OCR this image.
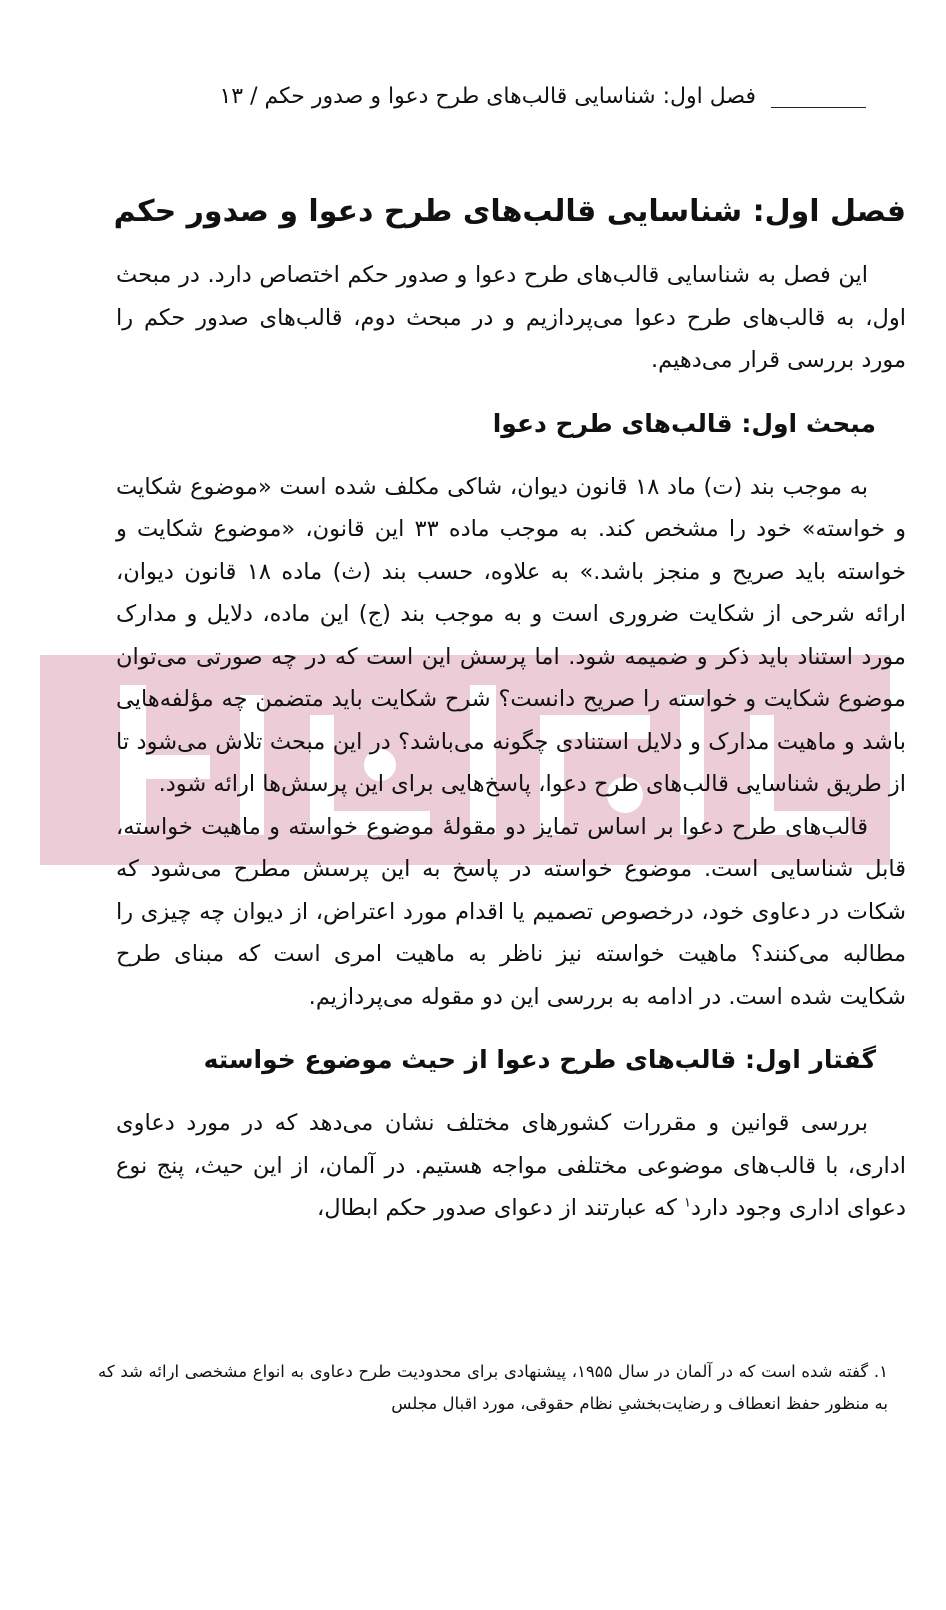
فصل اول: شناسایی قالب‌های طرح دعوا و صدور حکم / ۱۳
فصل اول: شناسایی قالب‌های طرح دعوا و صدور حکم

این فصل به شناسایی قالب‌های طرح دعوا و صدور حکم اختصاص دارد. در مبحث اول، به قالب‌های طرح دعوا می‌پردازیم و در مبحث دوم، قالب‌های صدور حکم را مورد بررسی قرار می‌دهیم.

مبحث اول: قالب‌های طرح دعوا

به موجب بند (ت) ماد ۱۸ قانون دیوان، شاکی مکلف شده است «موضوع شکایت و خواسته» خود را مشخص کند. به موجب ماده ۳۳ این قانون، «موضوع شکایت و خواسته باید صریح و منجز باشد.» به علاوه، حسب بند (ث) ماده ۱۸ قانون دیوان، ارائه شرحی از شکایت ضروری است و به موجب بند (ج) این ماده، دلایل و مدارک مورد استناد باید ذکر و ضمیمه شود. اما پرسش این است که در چه صورتی می‌توان موضوع شکایت و خواسته را صریح دانست؟ شرح شکایت باید متضمن چه مؤلفه‌هایی باشد و ماهیت مدارک و دلایل استنادی چگونه می‌باشد؟ در این مبحث تلاش می‌شود تا از طریق شناسایی قالب‌های طرح دعوا، پاسخ‌هایی برای این پرسش‌ها ارائه شود.

قالب‌های طرح دعوا بر اساس تمایز دو مقولهٔ موضوع خواسته و ماهیت خواسته، قابل شناسایی است. موضوع خواسته در پاسخ به این پرسش مطرح می‌شود که شکات در دعاوی خود، درخصوص تصمیم یا اقدام مورد اعتراض، از دیوان چه چیزی را مطالبه می‌کنند؟ ماهیت خواسته نیز ناظر به ماهیت امری است که مبنای طرح شکایت شده است. در ادامه به بررسی این دو مقوله می‌پردازیم.

گفتار اول: قالب‌های طرح دعوا از حیث موضوع خواسته

بررسی قوانین و مقررات کشورهای مختلف نشان می‌دهد که در مورد دعاوی اداری، با قالب‌های موضوعی مختلفی مواجه هستیم. در آلمان، از این حیث، پنج نوع دعوای اداری وجود دارد$^۱$ که عبارتند از دعوای صدور حکم ابطال،

۱. گفته شده است که در آلمان در سال ۱۹۵۵، پیشنهادی برای محدودیت طرح دعاوی به انواع مشخصی ارائه شد که به منظور حفظ انعطاف و رضایت‌بخشیِ نظام حقوقی، مورد اقبال مجلس
